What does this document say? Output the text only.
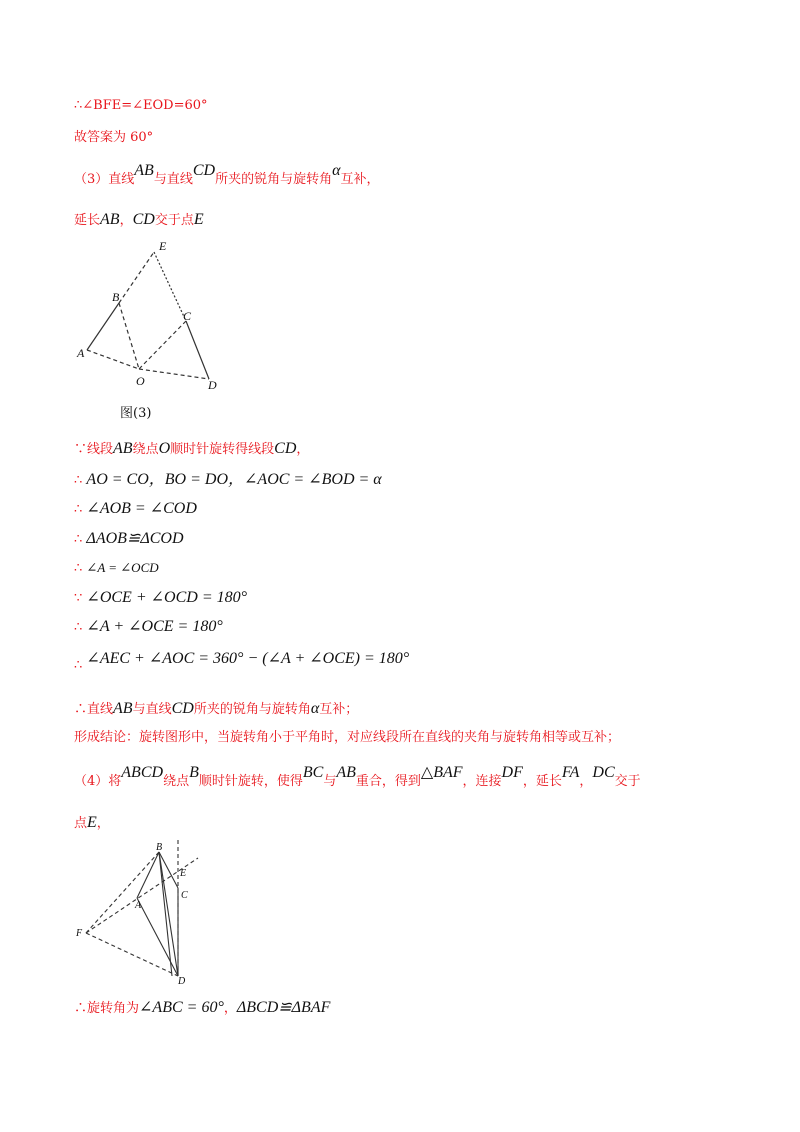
∴∠BFE=∠EOD=60°
故答案为 60°
（3）直线AB与直线CD所夹的锐角与旋转角α互补，
延长AB，CD交于点E
E
B
C
A
O	D
图(3)
∵线段AB绕点O顺时针旋转得线段CD，
∴ AO = CO，BO = DO，∠AOC = ∠BOD = α
∴ ∠AOB = ∠COD
∴ ΔAOB≌ΔCOD
∴ ∠A = ∠OCD
∵ ∠OCE + ∠OCD = 180°
∴ ∠A + ∠OCE = 180°
∴ ∠AEC + ∠AOC = 360° − (∠A + ∠OCE) = 180°
∴直线AB与直线CD所夹的锐角与旋转角α互补；
形成结论：旋转图形中，当旋转角小于平角时，对应线段所在直线的夹角与旋转角相等或互补；
（4）将ABCD绕点B顺时针旋转，使得BC与AB重合，得到△BAF，连接DF，延长FA，DC交于
点E，
B
E
C
A
F
D
∴旋转角为∠ABC = 60°，ΔBCD≌ΔBAF
